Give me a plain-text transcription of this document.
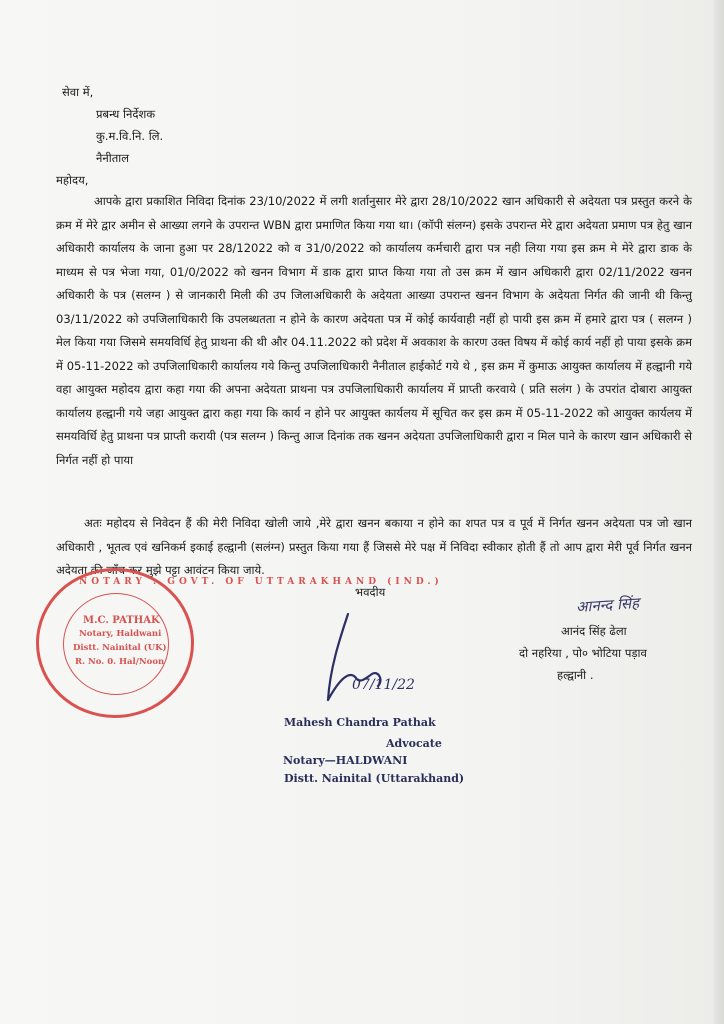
सेवा में,
प्रबन्ध निर्देशक
कु.म.वि.नि. लि.
नैनीताल
महोदय,
आपके द्वारा प्रकाशित निविदा दिनांक 23/10/2022 में लगी शर्तानुसार मेरे द्वारा 28/10/2022 खान अधिकारी से अदेयता पत्र प्रस्तुत करने के क्रम में मेरे द्वार अमीन से आख्या लगने के उपरान्त WBN द्वारा प्रमाणित किया गया था। (कॉपी संलग्न) इसके उपरान्त मेरे द्वारा अदेयता प्रमाण पत्र हेतु खान अधिकारी कार्यालय के जाना हुआ पर 28/12022 को व 31/0/2022 को कार्यालय कर्मचारी द्वारा पत्र नही लिया गया इस क्रम मे मेरे द्वारा डाक के माध्यम से पत्र भेजा गया, 01/0/2022 को खनन विभाग में डाक द्वारा प्राप्त किया गया तो उस क्रम में खान अधिकारी द्वारा 02/11/2022 खनन अधिकारी के पत्र (सलग्न ) से जानकारी मिली की उप जिलाअधिकारी के अदेयता आख्या उपरान्त खनन विभाग के अदेयता निर्गत की जानी थी किन्तु 03/11/2022 को उपजिलाधिकारी कि उपलब्धतता न होने के कारण अदेयता पत्र में कोई कार्यवाही नहीं हो पायी इस क्रम में हमारे द्वारा पत्र ( सलग्न ) मेल किया गया जिसमे समयविर्धि हेतु प्राथना की थी और 04.11.2022 को प्रदेश में अवकाश के कारण उक्त विषय में कोई कार्य नहीं हो पाया इसके क्रम में 05-11-2022 को उपजिलाधिकारी कार्यालय गये किन्तु उपजिलाधिकारी नैनीताल हाईकोर्ट गये थे , इस क्रम में कुमाऊ आयुक्त कार्यालय में हल्द्वानी गये वहा आयुक्त महोदय द्वारा कहा गया की अपना अदेयता प्राथना पत्र उपजिलाधिकारी कार्यालय में प्राप्ती करवाये ( प्रति सलंग ) के उपरांत दोबारा आयुक्त कार्यालय हल्द्वानी गये जहा आयुक्त द्वारा कहा गया कि कार्य न होने पर आयुक्त कार्यलय में सूचित कर इस क्रम में 05-11-2022 को आयुक्त कार्यलय में समयविर्धि हेतु प्राथना पत्र प्राप्ती करायी (पत्र सलग्न ) किन्तु आज दिनांक तक खनन अदेयता उपजिलाधिकारी द्वारा न मिल पाने के कारण खान अधिकारी से निर्गत नहीं हो पाया
अतः महोदय से निवेदन हैं की मेरी निविदा खोली जाये ,मेरे द्वारा खनन बकाया न होने का शपत पत्र व पूर्व में निर्गत खनन अदेयता पत्र जो खान अधिकारी , भूतत्व एवं खनिकर्म इकाई हल्द्वानी (सलंग्न) प्रस्तुत किया गया हैं जिससे मेरे पक्ष में निविदा स्वीकार होती हैं तो आप द्वारा मेरी पूर्व निर्गत खनन अदेयता की जाँच कर मुझे पट्टा आवंटन किया जाये.
भवदीय
आनन्द सिंह
आनंद सिंह ढेला
दो नहरिया , पो० भोटिया पड़ाव
हल्द्वानी .
NOTARY . GOVT. OF UTTARAKHAND (IND.)
M.C. PATHAK
Notary, Haldwani
Distt. Nainital (UK)
R. No. 0. Hal/Noon
07/11/22
Mahesh Chandra Pathak
Advocate
Notary—HALDWANI
Distt. Nainital (Uttarakhand)
